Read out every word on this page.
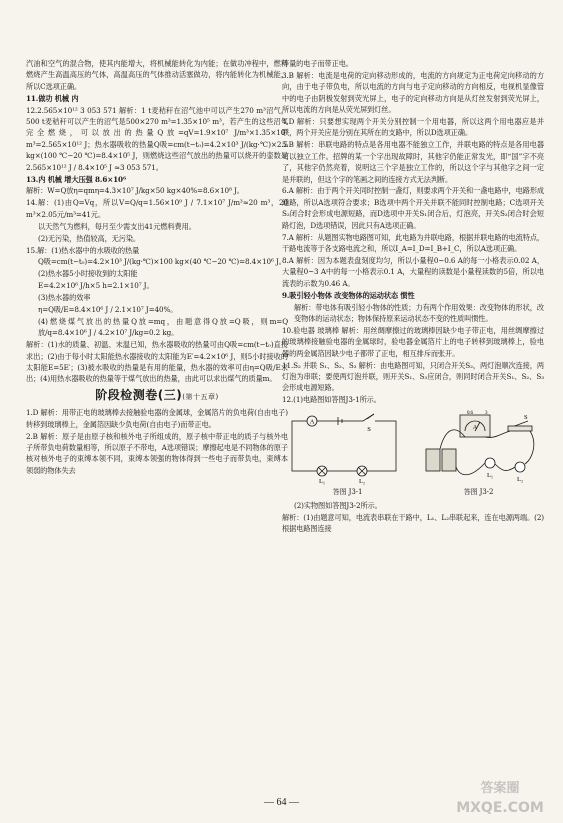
汽油和空气的混合物，使其内能增大，将机械能转化为内能；在做功冲程中，燃料燃烧产生高温高压的气体，高温高压的气体推动活塞做功，将内能转化为机械能，所以C选项正确。

11.做功 机械 内

12.2.565×10¹² 3 053 571 解析：1 t麦秸秆在沼气池中可以产生270 m³沼气，500 t麦秸秆可以产生的沼气是500×270 m³=1.35×10⁵ m³，若产生的这些沼气完全燃烧，可以放出的热量Q放=qV=1.9×10⁷ J/m³×1.35×10⁵ m³=2.565×10¹² J；热水器吸收的热量Q吸=cm(t−t₀)=4.2×10³ J/(kg·℃)×2.5 kg×(100 ℃−20 ℃)=8.4×10⁵ J，则燃烧这些沼气放出的热量可以烧开的壶数是2.565×10¹² J / 8.4×10⁵ J ≈3 053 571。

13.内 机械 增大压强 8.6×10⁶

解析：W=Q放η=qmη=4.3×10⁷ J/kg×50 kg×40%=8.6×10⁸ J。

14.解：(1)由Q=Vq，所以V=Q/q=1.56×10⁹ J / 7.1×10⁷ J/m³≈20 m³，20 m³×2.05元/m³=41元。

以天然气为燃料，每月至少需支出41元燃料费用。

(2)无污染，热值较高，无污染。

15.解：(1)热水器中的水吸收的热量

Q吸=cm(t−t₀)=4.2×10³ J/(kg·℃)×100 kg×(40 ℃−20 ℃)=8.4×10⁶ J。

(2)热水器5小时接收到的太阳能

E=4.2×10⁶ J/h×5 h=2.1×10⁷ J。

(3)热水器的效率

η=Q吸/E=8.4×10⁶ J / 2.1×10⁷ J=40%。

(4)燃烧煤气放出的热量Q放=mq，由题意得Q放=Q吸，则m=Q放/q=8.4×10⁶ J / 4.2×10⁷ J/kg=0.2 kg。

解析：(1)水的质量、初温、末温已知，热水器吸收的热量可由Q吸=cm(t−t₀)直接求出；(2)由于每小时太阳能热水器接收的太阳能为E′=4.2×10⁶ J，则5小时接收的太阳能E=5E′；(3)被水吸收的热量是有用的能量，热水器的效率可由η=Q吸/E求出；(4)用热水器吸收的热量等于煤气放出的热量，由此可以求出煤气的质量m。

阶段检测卷(三)(第十五章)

1.D 解析：用带正电的玻璃棒去接触验电器的金属球，金属箔片的负电荷(自由电子)转移到玻璃棒上，金属箔因缺少负电荷(自由电子)而带正电。

2.B 解析：原子是由原子核和核外电子所组成的，原子核中带正电的质子与核外电子所带负电荷数量相等，所以原子不带电，A选项错误；摩擦起电是不同物体的原子核对核外电子的束缚本领不同，束缚本领强的物体得到一些电子而带负电，束缚本领弱的物体失去

等量的电子而带正电。

3.B 解析：电流是电荷的定向移动形成的，电流的方向规定为正电荷定向移动的方向，由于电子带负电，所以电流的方向与电子定向移动的方向相反，电视机显像管中的电子由阴极发射到荧光屏上，电子的定向移动方向是从灯丝发射到荧光屏上，所以电流的方向是从荧光屏到灯丝。

4.D 解析：只要想实现两个开关分别控制一个用电器，所以这两个用电器应是并联，两个开关应是分别在其所在的支路中，所以D选项正确。

5.B 解析：串联电路的特点是各用电器不能独立工作，并联电路的特点是各用电器可以独立工作。招牌的某一个字出现故障时，其他字仍能正常发光，即“国”字不亮了，其他字仍然亮着，说明这三个字是独立工作的，所以这个字与其他字之间一定是并联的，但这个字的笔画之间的连接方式无法判断。

6.A 解析：由于两个开关同时控制一盏灯，则要求两个开关和一盏电路中，电路形成通路，所以A选项符合要求；B选项中两个开关并联不能同时控制电路；C选项开关S₂闭合时会形成电源短路，而D选项中开关S₁闭合后，灯泡亮，开关S₂闭合时会短路灯泡，D选项错误，因此只有A选项正确。

7.A 解析：从题图实物电路图可知，此电路为并联电路，根据并联电路的电流特点，干路电流等于各支路电流之和，所以I_A=I_D=I_B+I_C，所以A选项正确。

8.A 解析：因为本题表盘刻度均匀，所以小量程0~0.6 A的每一小格表示0.02 A，大量程0~3 A中的每一小格表示0.1 A，大量程的读数是小量程读数的5倍，所以电流表的示数为0.46 A。

9.吸引轻小物体 改变物体的运动状态 惯性

解析：带电体有吸引轻小物体的性质；力有两个作用效果：改变物体的形状，改变物体的运动状态；物体保持原来运动状态不变的性质叫惯性。

10.验电器 玻璃棒 解析：用丝绸摩擦过的玻璃棒因缺少电子带正电，用丝绸摩擦过的玻璃棒接触验电器的金属球时，验电器金属箔片上的电子转移到玻璃棒上，验电器的两金属箔因缺少电子都带了正电，相互排斥而张开。

11.S₂ 并联 S₁、S₂、S₃ 解析：由电路图可知，只闭合开关S₂，两灯泡顺次连接，两灯泡为串联；要使两灯泡并联，则开关S₁、S₃应闭合，则同时闭合开关S₁、S₂、S₃会形成电源短路。

12.(1)电路图如答图J3-1所示。

A
S
L₁	L₂
0.6 3
A
S
L₁
L₂
答图 J3-1	答图 J3-2

(2)实物图如答图J3-2所示。

解析：(1)由题意可知，电流表串联在干路中，L₁、L₂串联起来，连在电源两端。(2)根据电路图连接

— 64 —
答案圈
MXQE.COM
